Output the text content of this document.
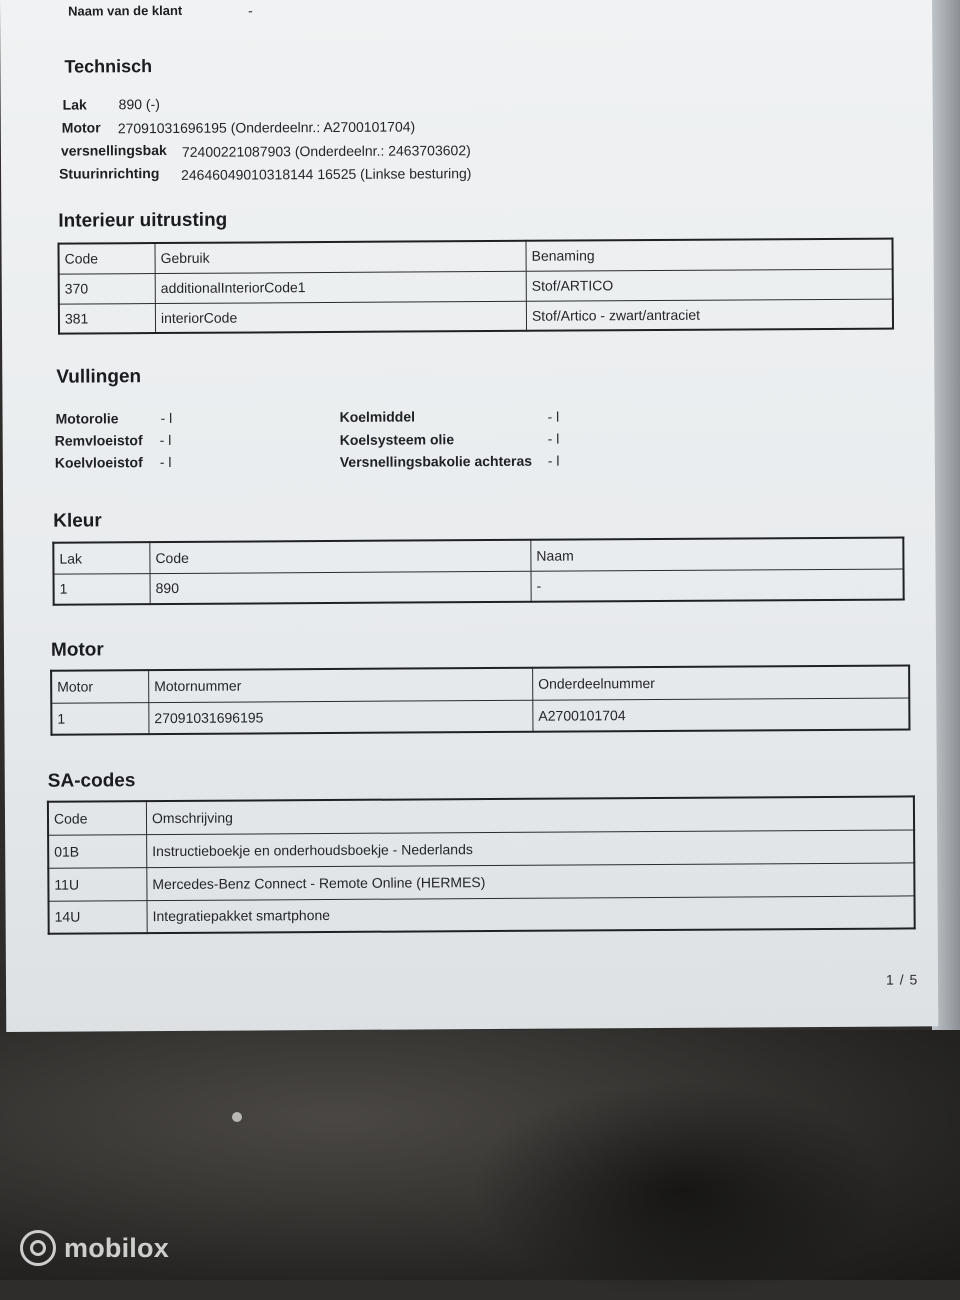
Naam van de klant	-
Technisch
Lak 890 (-)
Motor 27091031696195 (Onderdeelnr.: A2700101704)
versnellingsbak 72400221087903 (Onderdeelnr.: 2463703602)
Stuurinrichting 24646049010318144 16525 (Linkse besturing)
Interieur uitrusting
Code	Gebruik	Benaming
370	additionalInteriorCode1	Stof/ARTICO
381	interiorCode	Stof/Artico - zwart/antraciet
Vullingen
Motorolie	- l
Remvloeistof - l
Koelvloeistof - l
Koelmiddel	- l
Koelsysteem olie	- l
Versnellingsbakolie achteras - l
Kleur
Lak	Code	Naam
1	890	-
Motor
Motor	Motornummer	Onderdeelnummer
1	27091031696195	A2700101704
SA-codes
Code	Omschrijving
01B	Instructieboekje en onderhoudsboekje - Nederlands
11U	Mercedes-Benz Connect - Remote Online (HERMES)
14U	Integratiepakket smartphone
1 / 5
mobilox
